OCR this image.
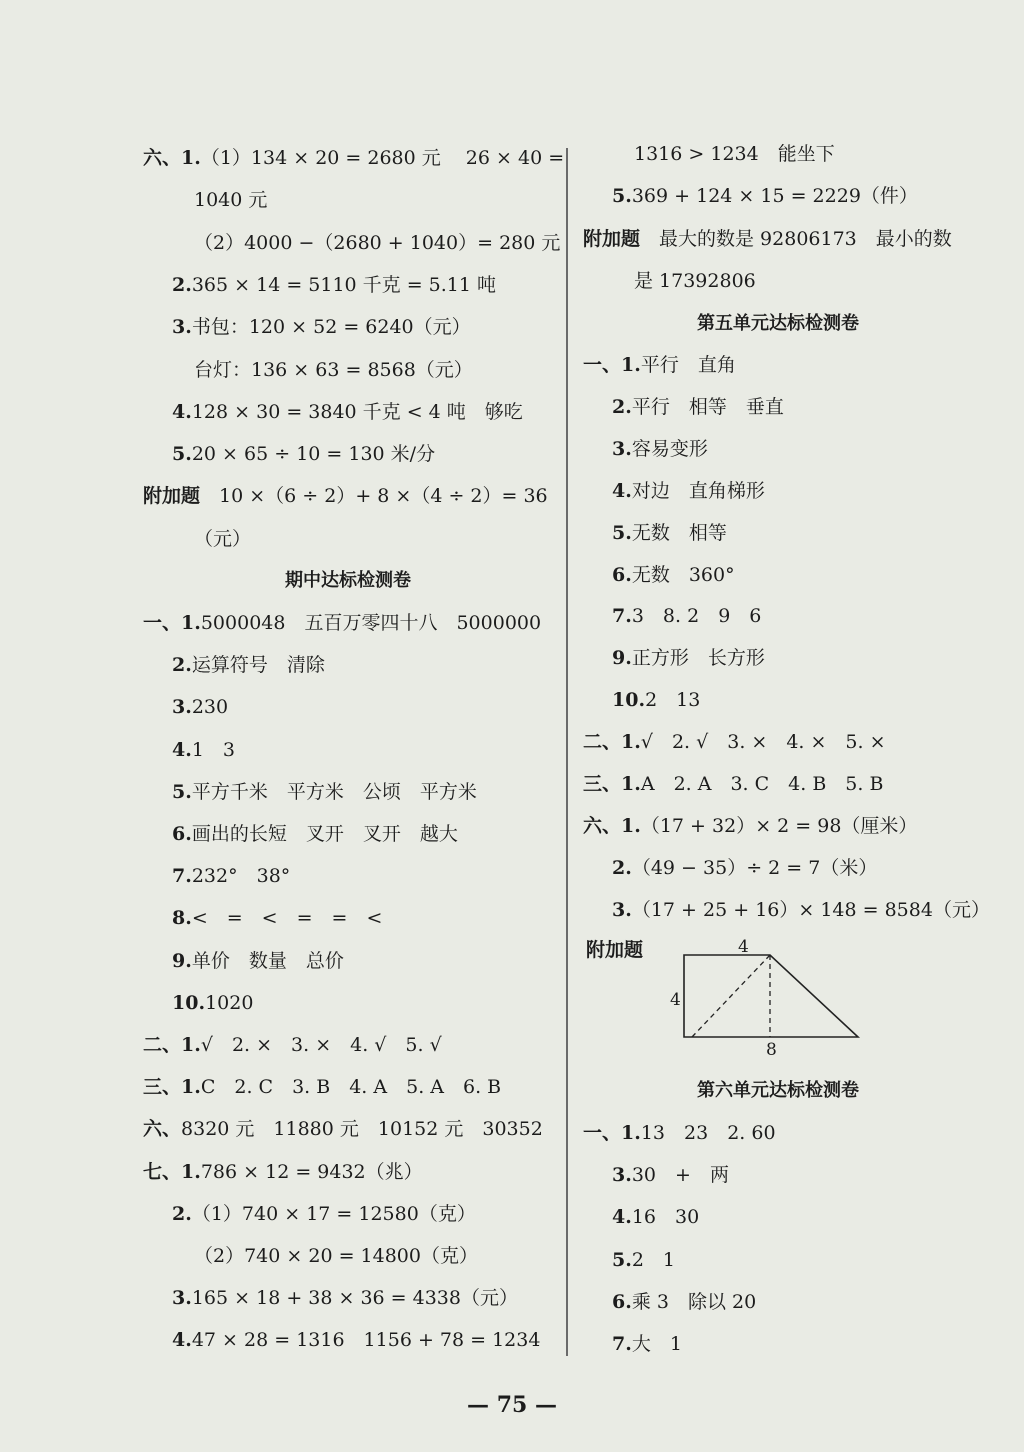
六、1.（1）134 × 20 = 2680 元　 26 × 40 =
1040 元
（2）4000 −（2680 + 1040）= 280 元
2.365 × 14 = 5110 千克 = 5.11 吨
3.书包：120 × 52 = 6240（元）
台灯：136 × 63 = 8568（元）
4.128 × 30 = 3840 千克 < 4 吨　够吃
5.20 × 65 ÷ 10 = 130 米/分
附加题　10 ×（6 ÷ 2）+ 8 ×（4 ÷ 2）= 36
（元）
期中达标检测卷
一、1.5000048　五百万零四十八　5000000
2.运算符号　清除
3.230
4.1　3
5.平方千米　平方米　公顷　平方米
6.画出的长短　叉开　叉开　越大
7.232°　38°
8.<　=　<　=　=　<
9.单价　数量　总价
10.1020
二、1.√　2. ×　3. ×　4. √　5. √
三、1.C　2. C　3. B　4. A　5. A　6. B
六、8320 元　11880 元　10152 元　30352
七、1.786 × 12 = 9432（兆）
2.（1）740 × 17 = 12580（克）
（2）740 × 20 = 14800（克）
3.165 × 18 + 38 × 36 = 4338（元）
4.47 × 28 = 1316　1156 + 78 = 1234
1316 > 1234　能坐下
5.369 + 124 × 15 = 2229（件）
附加题　最大的数是 92806173　最小的数
是 17392806
第五单元达标检测卷
一、1.平行　直角
2.平行　相等　垂直
3.容易变形
4.对边　直角梯形
5.无数　相等
6.无数　360°
7.3　8. 2　9　6
9.正方形　长方形
10.2　13
二、1.√　2. √　3. ×　4. ×　5. ×
三、1.A　2. A　3. C　4. B　5. B
六、1.（17 + 32）× 2 = 98（厘米）
2.（49 − 35）÷ 2 = 7（米）
3.（17 + 25 + 16）× 148 = 8584（元）
附加题	4
4
8
第六单元达标检测卷
一、1.13　23　2. 60
3.30　+　两
4.16　30
5.2　1
6.乘 3　除以 20
7.大　1
— 75 —
